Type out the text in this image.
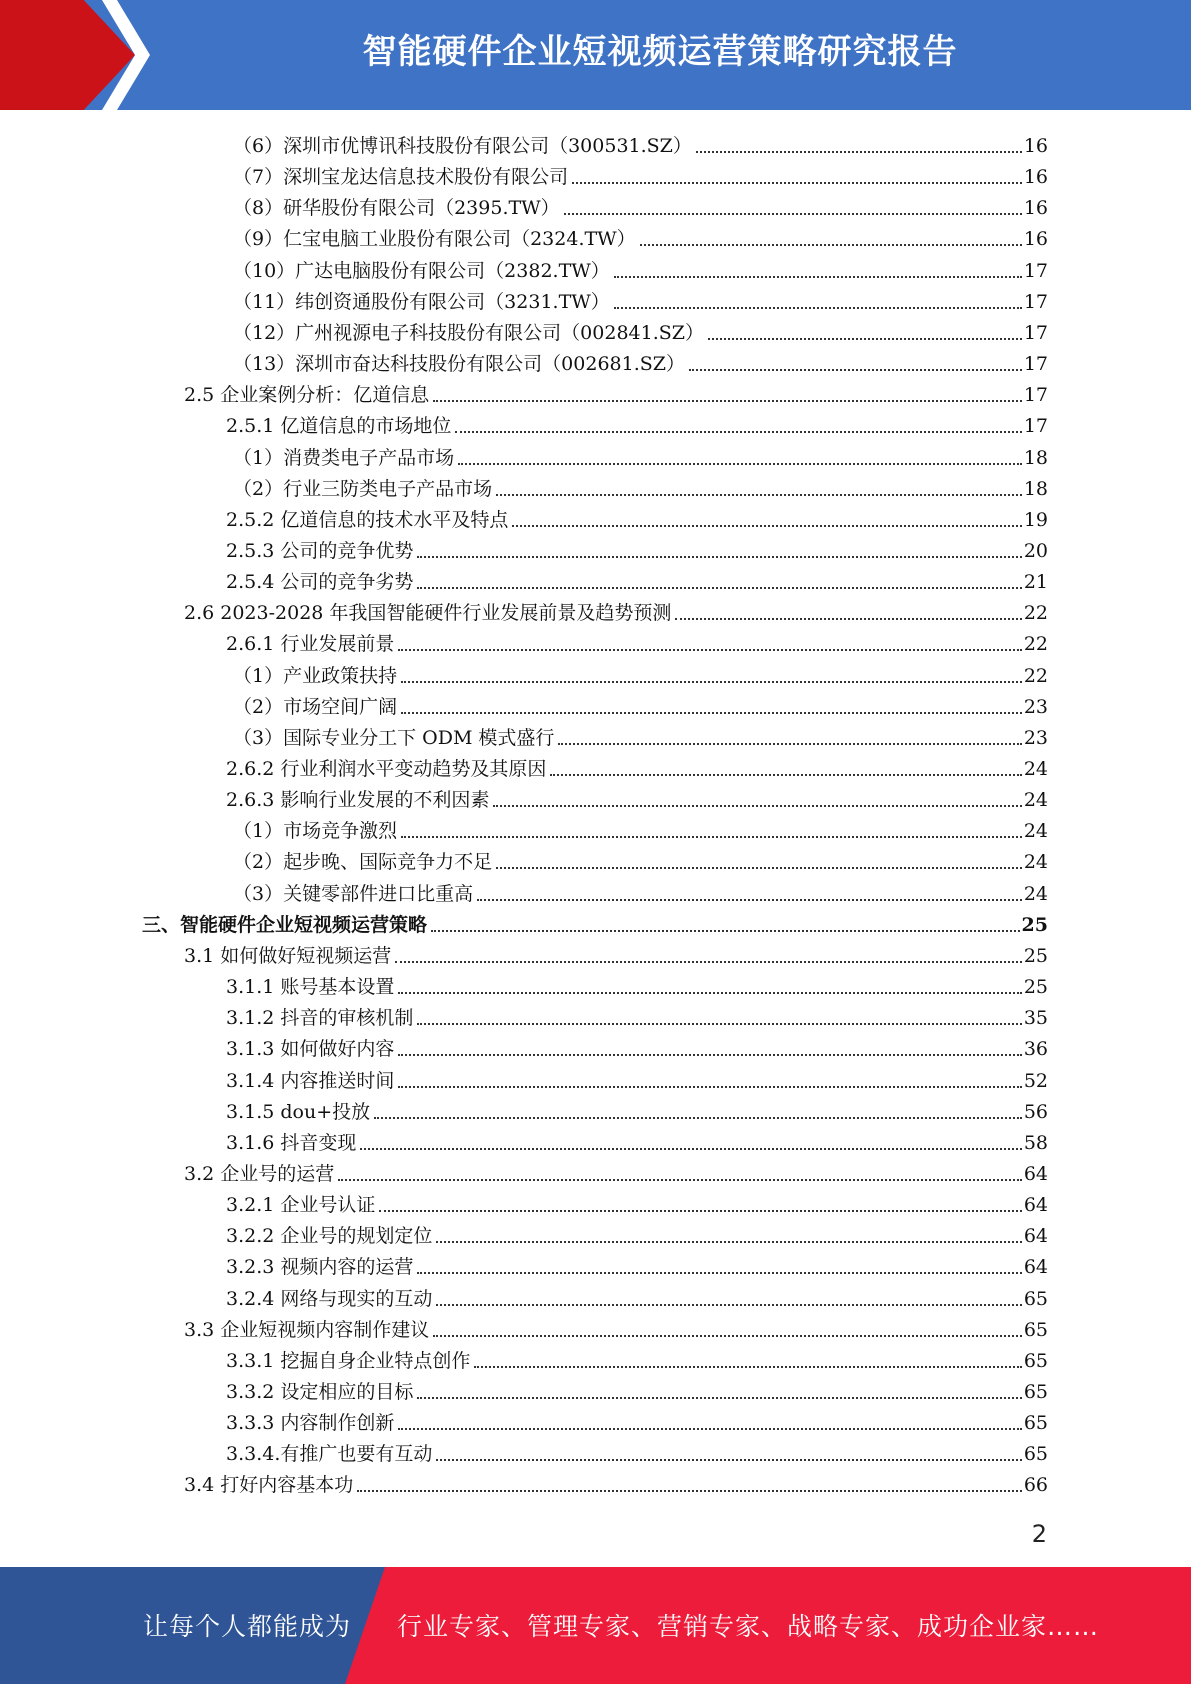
智能硬件企业短视频运营策略研究报告
（6）深圳市优博讯科技股份有限公司（300531.SZ）	16
（7）深圳宝龙达信息技术股份有限公司	16
（8）研华股份有限公司（2395.TW）	16
（9）仁宝电脑工业股份有限公司（2324.TW）	16
（10）广达电脑股份有限公司（2382.TW）	17
（11）纬创资通股份有限公司（3231.TW）	17
（12）广州视源电子科技股份有限公司（002841.SZ）	17
（13）深圳市奋达科技股份有限公司（002681.SZ）	17
2.5 企业案例分析：亿道信息	17
2.5.1 亿道信息的市场地位	17
（1）消费类电子产品市场	18
（2）行业三防类电子产品市场	18
2.5.2 亿道信息的技术水平及特点	19
2.5.3 公司的竞争优势	20
2.5.4 公司的竞争劣势	21
2.6 2023-2028 年我国智能硬件行业发展前景及趋势预测	22
2.6.1 行业发展前景	22
（1）产业政策扶持	22
（2）市场空间广阔	23
（3）国际专业分工下 ODM 模式盛行	23
2.6.2 行业利润水平变动趋势及其原因	24
2.6.3 影响行业发展的不利因素	24
（1）市场竞争激烈	24
（2）起步晚、国际竞争力不足	24
（3）关键零部件进口比重高	24
三、智能硬件企业短视频运营策略	25
3.1 如何做好短视频运营	25
3.1.1 账号基本设置	25
3.1.2 抖音的审核机制	35
3.1.3 如何做好内容	36
3.1.4 内容推送时间	52
3.1.5 dou+投放	56
3.1.6 抖音变现	58
3.2 企业号的运营	64
3.2.1 企业号认证	64
3.2.2 企业号的规划定位	64
3.2.3 视频内容的运营	64
3.2.4 网络与现实的互动	65
3.3 企业短视频内容制作建议	65
3.3.1 挖掘自身企业特点创作	65
3.3.2 设定相应的目标	65
3.3.3 内容制作创新	65
3.3.4.有推广也要有互动	65
3.4 打好内容基本功	66
2
让每个人都能成为 行业专家、管理专家、营销专家、战略专家、成功企业家……
